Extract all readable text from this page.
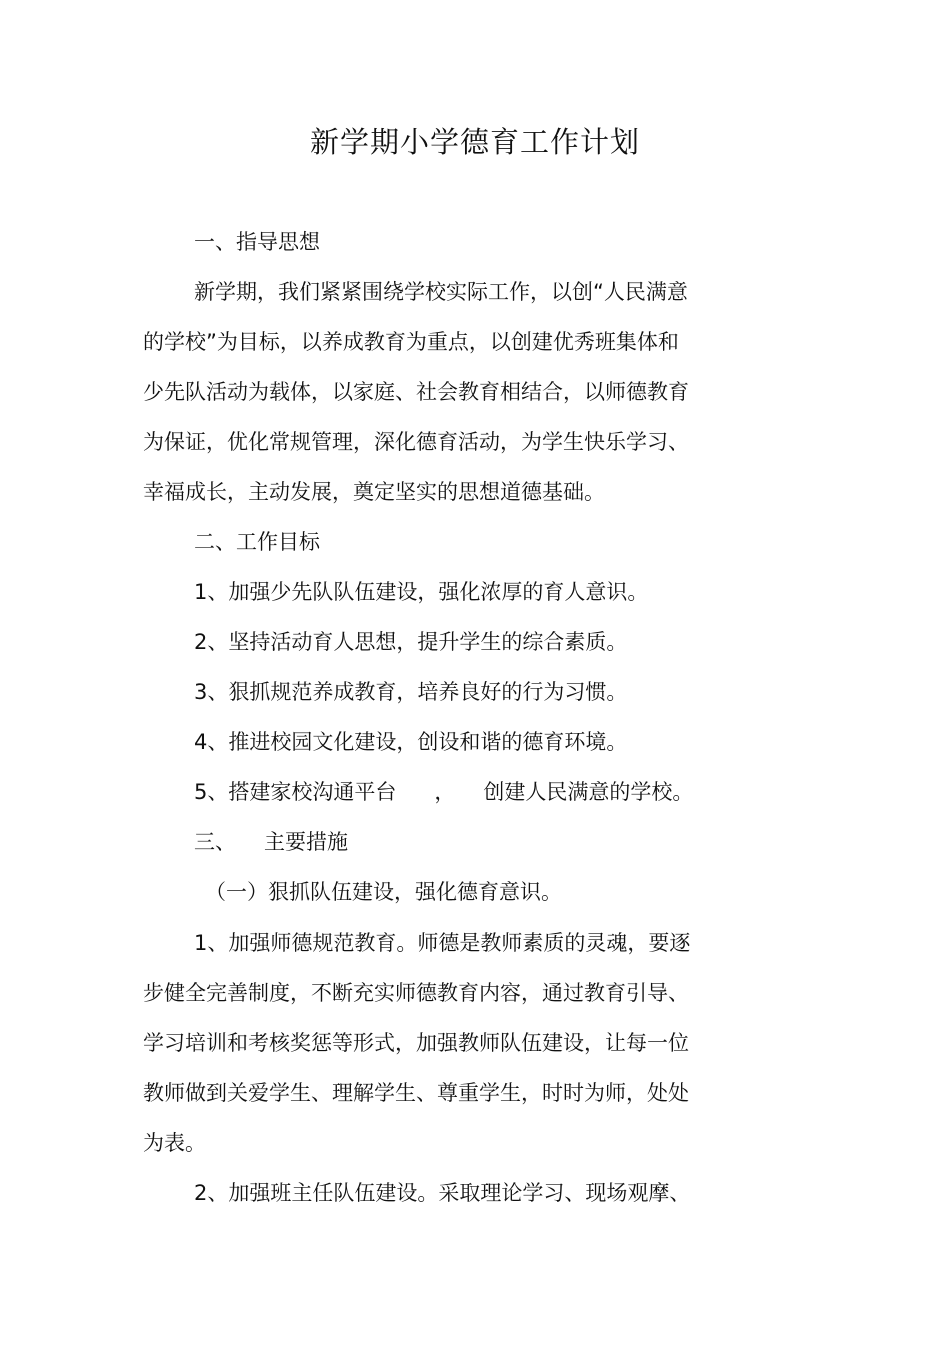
新学期小学德育工作计划

一、指导思想

新学期，我们紧紧围绕学校实际工作，以创“人民满意

的学校”为目标，以养成教育为重点，以创建优秀班集体和

少先队活动为载体，以家庭、社会教育相结合，以师德教育

为保证，优化常规管理，深化德育活动，为学生快乐学习、

幸福成长，主动发展，奠定坚实的思想道德基础。

二、工作目标

1、加强少先队队伍建设，强化浓厚的育人意识。

2、坚持活动育人思想，提升学生的综合素质。

3、狠抓规范养成教育，培养良好的行为习惯。

4、推进校园文化建设，创设和谐的德育环境。

5、搭建家校沟通平台 ， 创建人民满意的学校。

三、 主要措施

（一）狠抓队伍建设，强化德育意识。

1、加强师德规范教育。师德是教师素质的灵魂，要逐

步健全完善制度，不断充实师德教育内容，通过教育引导、

学习培训和考核奖惩等形式，加强教师队伍建设，让每一位

教师做到关爱学生、理解学生、尊重学生，时时为师，处处

为表。

2、加强班主任队伍建设。采取理论学习、现场观摩、
